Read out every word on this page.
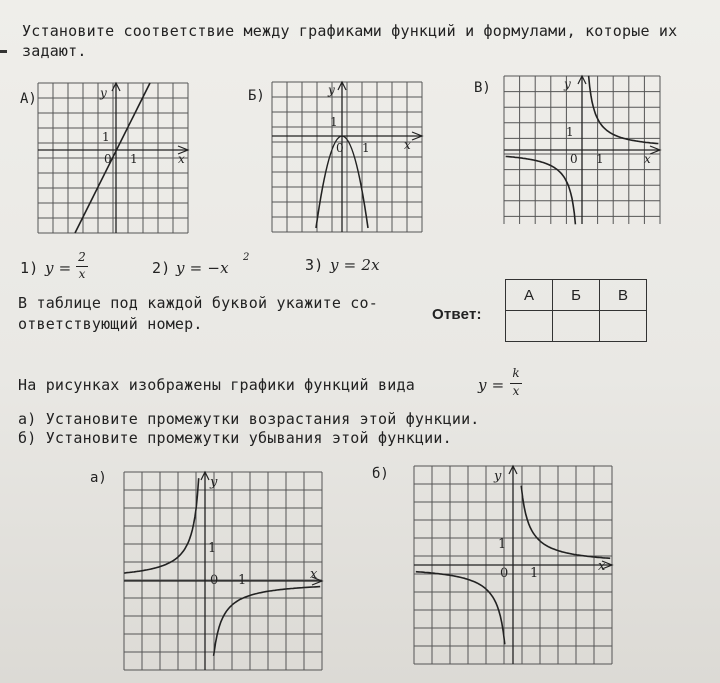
Установите соответствие между графиками функций и формулами, которые их
задают.
А)	y
x
0 1
1
Б)	y
x
0 1
1
В)	y
x
0 1
1
1) y =
2
x	2) y = −x
2	3) y = 2x
В таблице под каждой буквой укажите со-
ответствующий номер.
Ответ:
А	Б	В

На рисунках изображены графики функций вида	y =
k
x
а) Установите промежутки возрастания этой функции.
б) Установите промежутки убывания этой функции.
а)	y
x
0 1
1
б)	y
x
0 1
1
